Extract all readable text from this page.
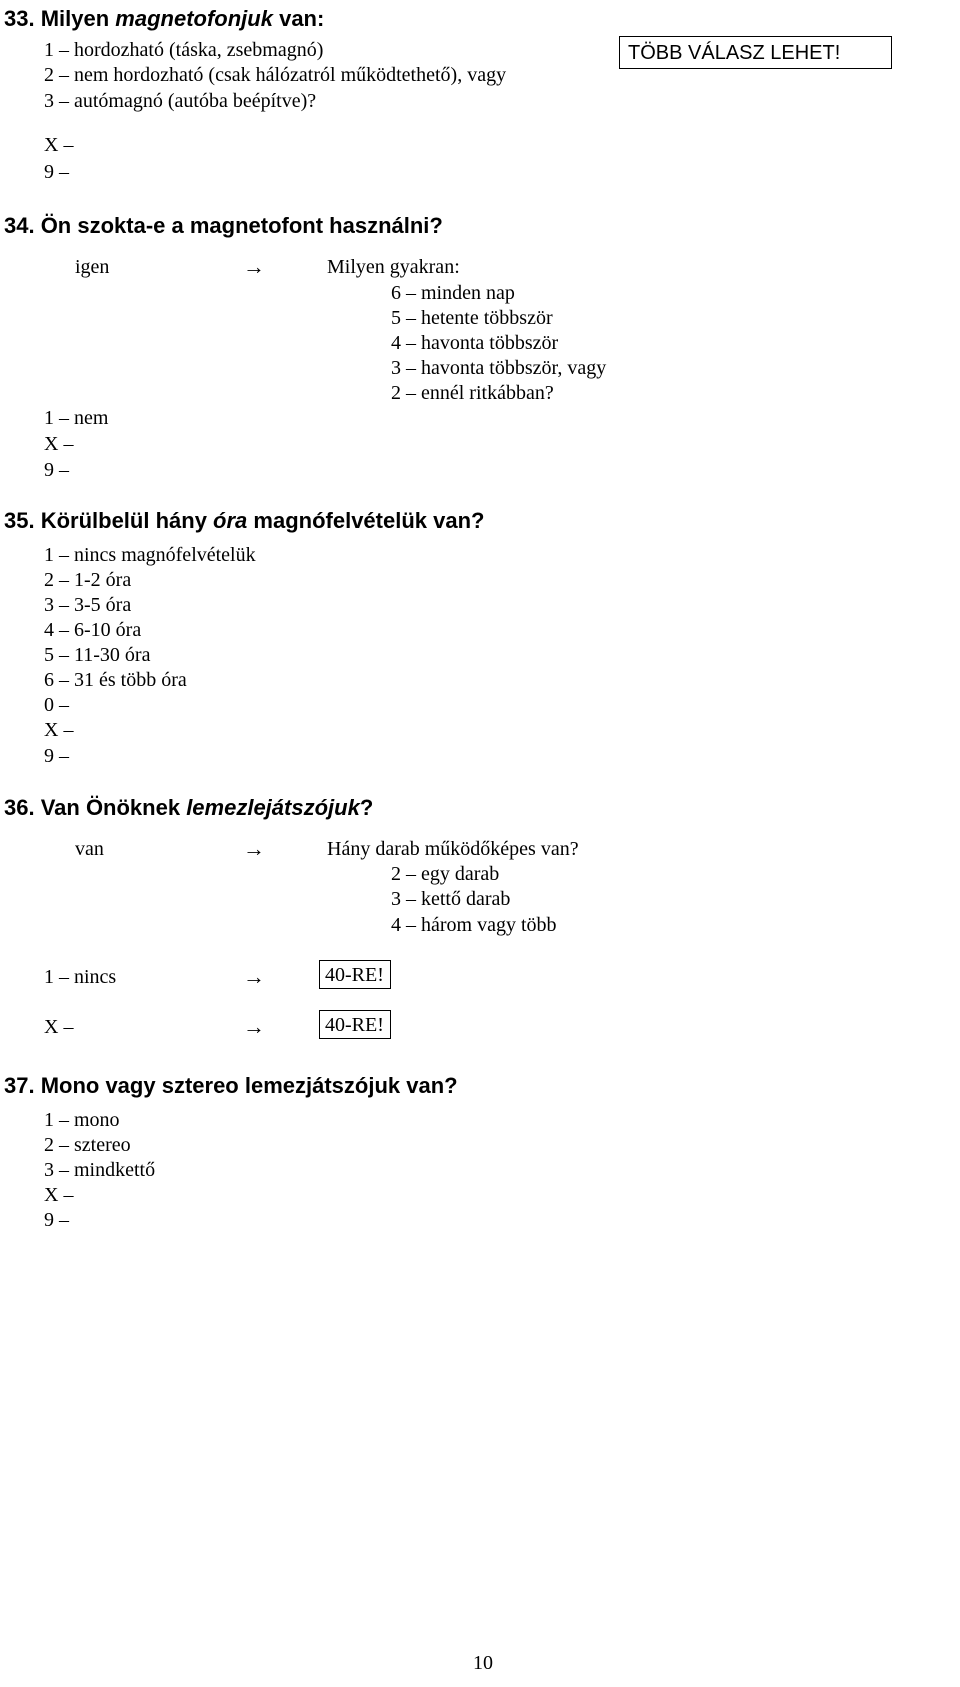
33. Milyen magnetofonjuk van:
1 – hordozható (táska, zsebmagnó)
2 – nem hordozható (csak hálózatról működtethető), vagy
3 – autómagnó (autóba beépítve)?
TÖBB VÁLASZ LEHET!
X –
9 –
34. Ön szokta-e a magnetofont használni?
igen	→	Milyen gyakran:
6 – minden nap
5 – hetente többször
4 – havonta többször
3 – havonta többször, vagy
2 – ennél ritkábban?
1 – nem
X –
9 –
35. Körülbelül hány óra magnófelvételük van?
1 – nincs magnófelvételük
2 – 1-2 óra
3 – 3-5 óra
4 – 6-10 óra
5 – 11-30 óra
6 – 31 és több óra
0 –
X –
9 –
36. Van Önöknek lemezlejátszójuk?
van	→	Hány darab működőképes van?
2 – egy darab
3 – kettő darab
4 – három vagy több
1 – nincs	→	40-RE!
X –	→	40-RE!
37. Mono vagy sztereo lemezjátszójuk van?
1 – mono
2 – sztereo
3 – mindkettő
X –
9 –
10
